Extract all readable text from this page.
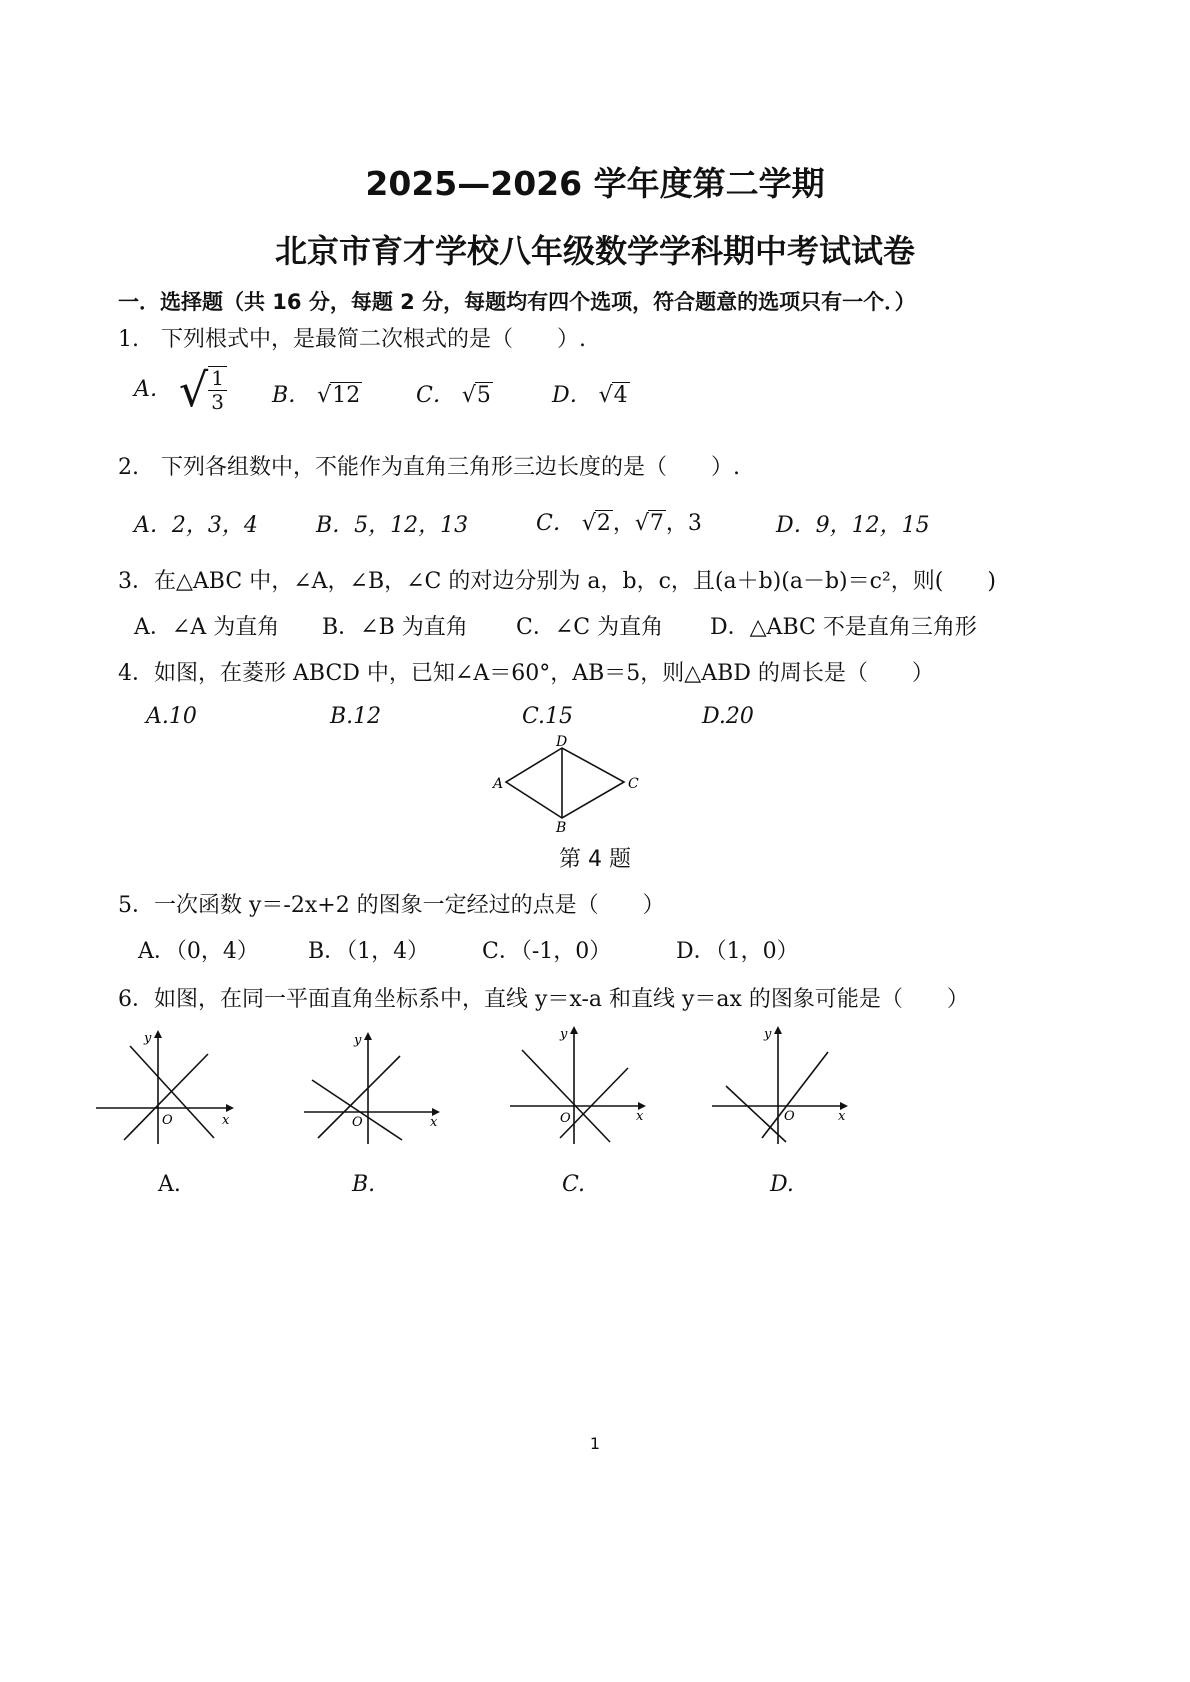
2025—2026 学年度第二学期
北京市育才学校八年级数学学科期中考试试卷
一．选择题（共 16 分，每题 2 分，每题均有四个选项，符合题意的选项只有一个．）
1.　下列根式中，是最简二次根式的是（　　）.
A． √ $\frac{1}{3}$ B． √12	C． √5	D． √4
2.　下列各组数中，不能作为直角三角形三边长度的是（　　）.
A．2，3，4	B．5，12，13	C． √2，√7，3	D．9，12，15
3．在△ABC 中，∠A，∠B，∠C 的对边分别为 a，b，c，且(a＋b)(a－b)＝c²，则(　　)
A．∠A 为直角 B．∠B 为直角 C．∠C 为直角 D．△ABC 不是直角三角形
4．如图，在菱形 ABCD 中，已知∠A＝60°，AB＝5，则△ABD 的周长是（　　）
A.10	B.12	C.15	D.20
A	C
D
B
第 4 题
5．一次函数 y＝-2x+2 的图象一定经过的点是（　　）
A．（0，4） B．（1，4） C．（-1，0）	D．（1，0）
6．如图，在同一平面直角坐标系中，直线 y＝x-a 和直线 y＝ax 的图象可能是（　　）
O	x
y
O	x
y
O	x
y
O	x
y
A.	B.	C.	D.
1
